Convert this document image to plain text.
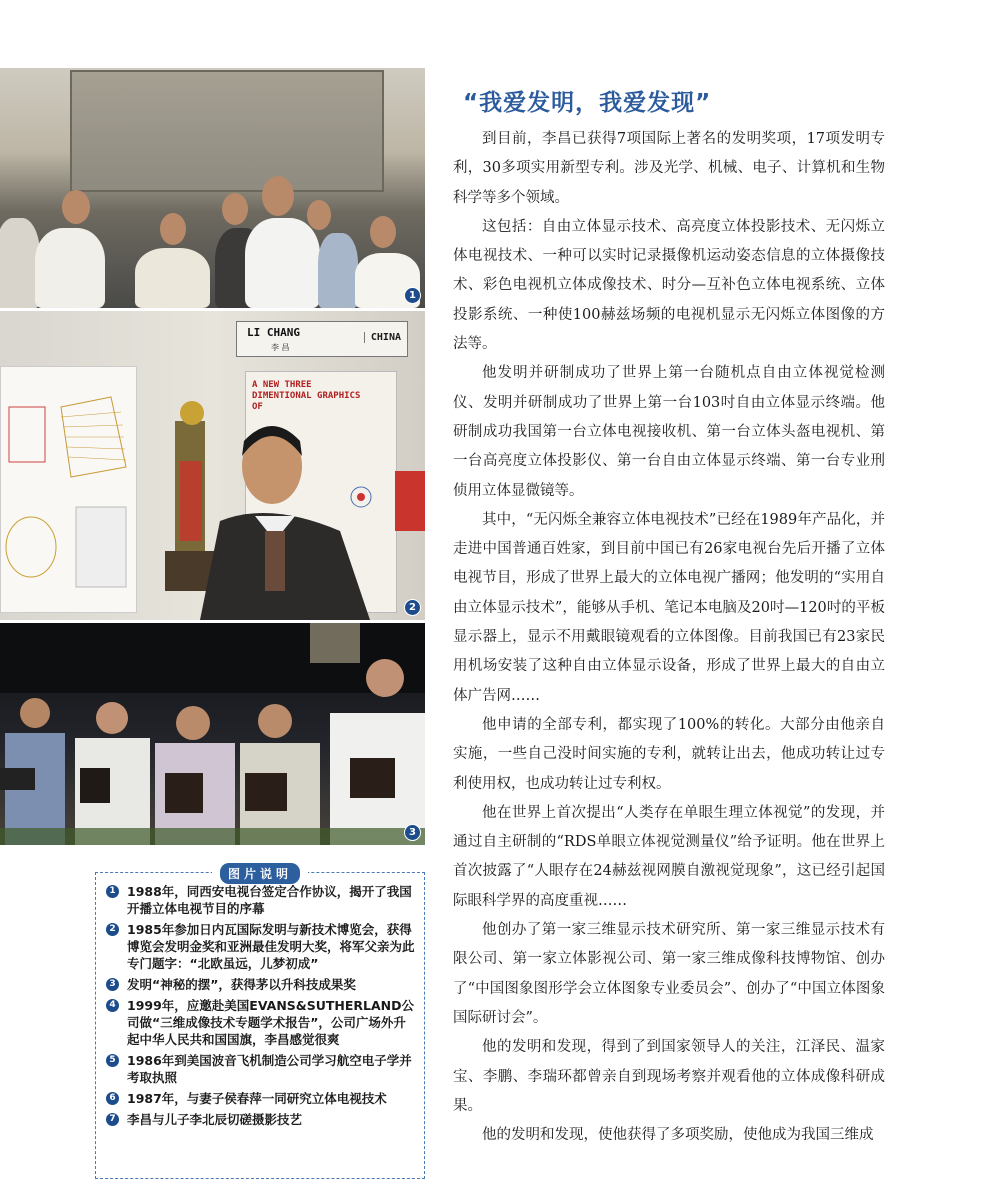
1
LI CHANG
李 昌
CHINA
A NEW THREE DIMENTIONAL GRAPHICS OF
2
3
图片说明
1 1988年，同西安电视台签定合作协议，揭开了我国开播立体电视节目的序幕
2 1985年参加日内瓦国际发明与新技术博览会，获得博览会发明金奖和亚洲最佳发明大奖，将军父亲为此专门题字：“北欧虽远，儿梦初成”
3 发明“神秘的摆”，获得茅以升科技成果奖
4 1999年，应邀赴美国EVANS&SUTHERLAND公司做“三维成像技术专题学术报告”，公司广场外升起中华人民共和国国旗，李昌感觉很爽
5 1986年到美国波音飞机制造公司学习航空电子学并考取执照
6 1987年，与妻子侯春萍一同研究立体电视技术
7 李昌与儿子李北辰切磋摄影技艺
“我爱发明，我爱发现”

到目前，李昌已获得7项国际上著名的发明奖项，17项发明专利，30多项实用新型专利。涉及光学、机械、电子、计算机和生物科学等多个领域。

这包括：自由立体显示技术、高亮度立体投影技术、无闪烁立体电视技术、一种可以实时记录摄像机运动姿态信息的立体摄像技术、彩色电视机立体成像技术、时分—互补色立体电视系统、立体投影系统、一种使100赫兹场频的电视机显示无闪烁立体图像的方法等。

他发明并研制成功了世界上第一台随机点自由立体视觉检测仪、发明并研制成功了世界上第一台103吋自由立体显示终端。他研制成功我国第一台立体电视接收机、第一台立体头盔电视机、第一台高亮度立体投影仪、第一台自由立体显示终端、第一台专业刑侦用立体显微镜等。

其中，“无闪烁全兼容立体电视技术”已经在1989年产品化，并走进中国普通百姓家，到目前中国已有26家电视台先后开播了立体电视节目，形成了世界上最大的立体电视广播网；他发明的“实用自由立体显示技术”，能够从手机、笔记本电脑及20吋—120吋的平板显示器上，显示不用戴眼镜观看的立体图像。目前我国已有23家民用机场安装了这种自由立体显示设备，形成了世界上最大的自由立体广告网……

他申请的全部专利，都实现了100%的转化。大部分由他亲自实施，一些自己没时间实施的专利，就转让出去，他成功转让过专利使用权，也成功转让过专利权。

他在世界上首次提出“人类存在单眼生理立体视觉”的发现，并通过自主研制的“RDS单眼立体视觉测量仪”给予证明。他在世界上首次披露了“人眼存在24赫兹视网膜自激视觉现象”，这已经引起国际眼科学界的高度重视……

他创办了第一家三维显示技术研究所、第一家三维显示技术有限公司、第一家立体影视公司、第一家三维成像科技博物馆、创办了“中国图象图形学会立体图象专业委员会”、创办了“中国立体图象国际研讨会”。

他的发明和发现，得到了到国家领导人的关注，江泽民、温家宝、李鹏、李瑞环都曾亲自到现场考察并观看他的立体成像科研成果。

他的发明和发现，使他获得了多项奖励，使他成为我国三维成
